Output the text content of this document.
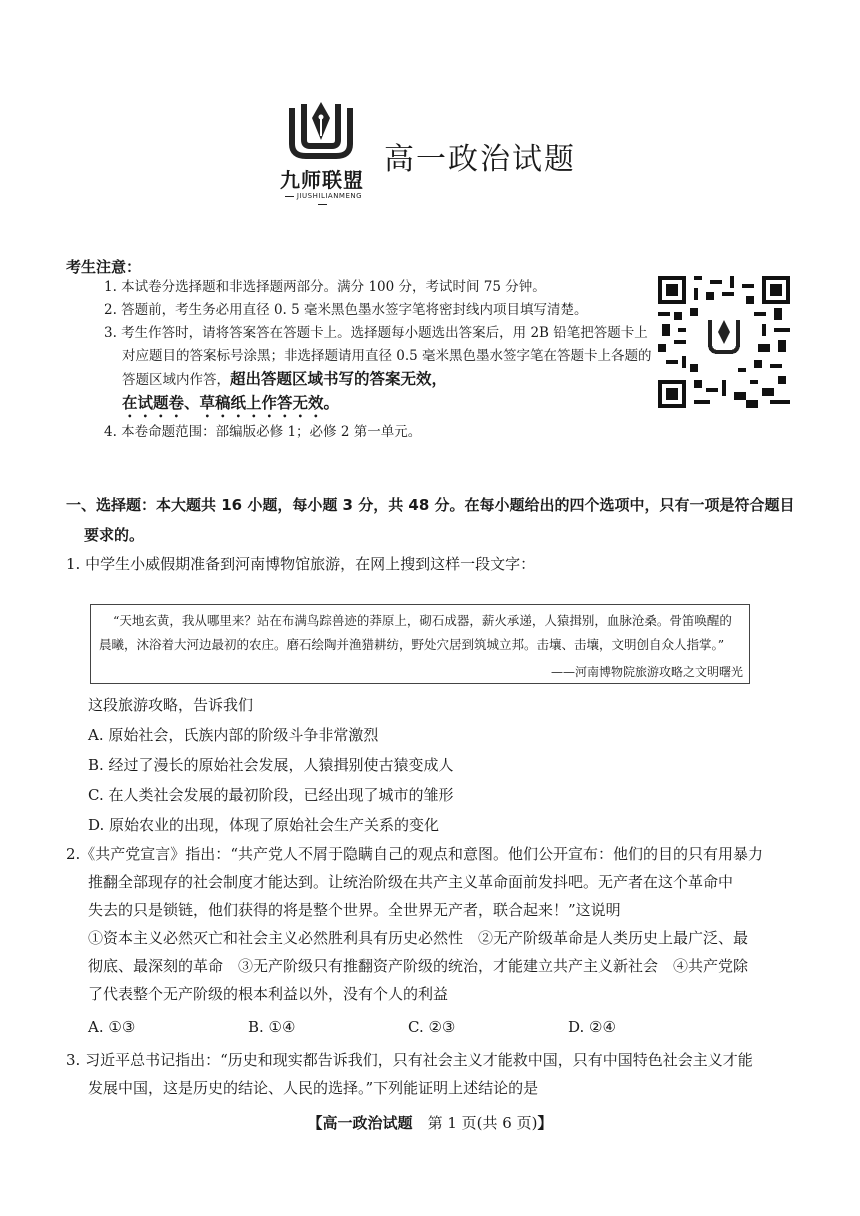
九师联盟
JIUSHILIANMENG
高一政治试题
考生注意：

1. 本试卷分选择题和非选择题两部分。满分 100 分，考试时间 75 分钟。

2. 答题前，考生务必用直径 0. 5 毫米黑色墨水签字笔将密封线内项目填写清楚。

3. 考生作答时，请将答案答在答题卡上。选择题每小题选出答案后，用 2B 铅笔把答题卡上对应题目的答案标号涂黑；非选择题请用直径 0.5 毫米黑色墨水签字笔在答题卡上各题的答题区域内作答，超出答题区域书写的答案无效，
在试题卷、草稿纸上作答无效。

4. 本卷命题范围：部编版必修 1；必修 2 第一单元。

一、选择题：本大题共 16 小题，每小题 3 分，共 48 分。在每小题给出的四个选项中，只有一项是符合题目
要求的。
1. 中学生小威假期准备到河南博物馆旅游，在网上搜到这样一段文字：
“天地玄黄，我从哪里来？站在布满鸟踪兽迹的莽原上，砌石成器，薪火承递，人猿揖别，血脉沧桑。骨笛唤醒的晨曦，沐浴着大河边最初的农庄。磨石绘陶并渔猎耕纺，野处穴居到筑城立邦。击壤、击壤，文明创自众人指掌。”
——河南博物院旅游攻略之文明曙光
这段旅游攻略，告诉我们
A. 原始社会，氏族内部的阶级斗争非常激烈
B. 经过了漫长的原始社会发展，人猿揖别使古猿变成人
C. 在人类社会发展的最初阶段，已经出现了城市的雏形
D. 原始农业的出现，体现了原始社会生产关系的变化
2.《共产党宣言》指出：“共产党人不屑于隐瞒自己的观点和意图。他们公开宣布：他们的目的只有用暴力
推翻全部现存的社会制度才能达到。让统治阶级在共产主义革命面前发抖吧。无产者在这个革命中
失去的只是锁链，他们获得的将是整个世界。全世界无产者，联合起来！”这说明
①资本主义必然灭亡和社会主义必然胜利具有历史必然性　②无产阶级革命是人类历史上最广泛、最
彻底、最深刻的革命　③无产阶级只有推翻资产阶级的统治，才能建立共产主义新社会　④共产党除
了代表整个无产阶级的根本利益以外，没有个人的利益
A. ①③	B. ①④	C. ②③	D. ②④
3. 习近平总书记指出：“历史和现实都告诉我们，只有社会主义才能救中国，只有中国特色社会主义才能
发展中国，这是历史的结论、人民的选择。”下列能证明上述结论的是
【高一政治试题　第 1 页(共 6 页)】
